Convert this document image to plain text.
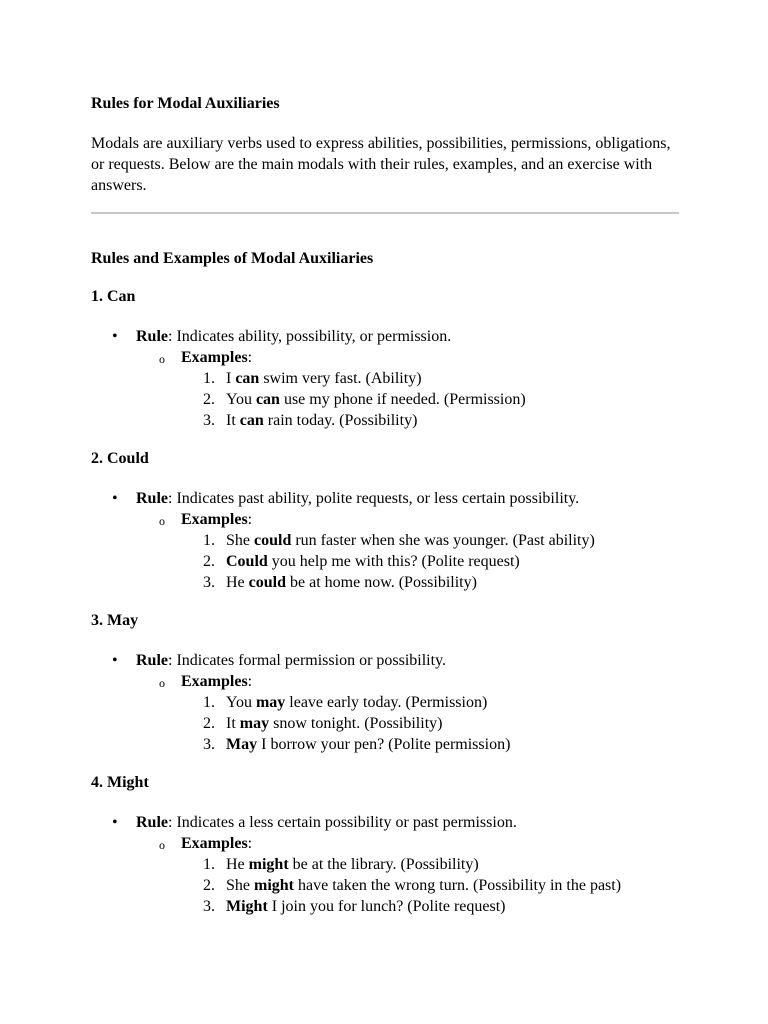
Rules for Modal Auxiliaries

Modals are auxiliary verbs used to express abilities, possibilities, permissions, obligations, or requests. Below are the main modals with their rules, examples, and an exercise with answers.

Rules and Examples of Modal Auxiliaries

1. Can

• Rule: Indicates ability, possibility, or permission.
o Examples:
1. I can swim very fast. (Ability)
2. You can use my phone if needed. (Permission)
3. It can rain today. (Possibility)

2. Could

• Rule: Indicates past ability, polite requests, or less certain possibility.
o Examples:
1. She could run faster when she was younger. (Past ability)
2. Could you help me with this? (Polite request)
3. He could be at home now. (Possibility)

3. May

• Rule: Indicates formal permission or possibility.
o Examples:
1. You may leave early today. (Permission)
2. It may snow tonight. (Possibility)
3. May I borrow your pen? (Polite permission)

4. Might

• Rule: Indicates a less certain possibility or past permission.
o Examples:
1. He might be at the library. (Possibility)
2. She might have taken the wrong turn. (Possibility in the past)
3. Might I join you for lunch? (Polite request)
